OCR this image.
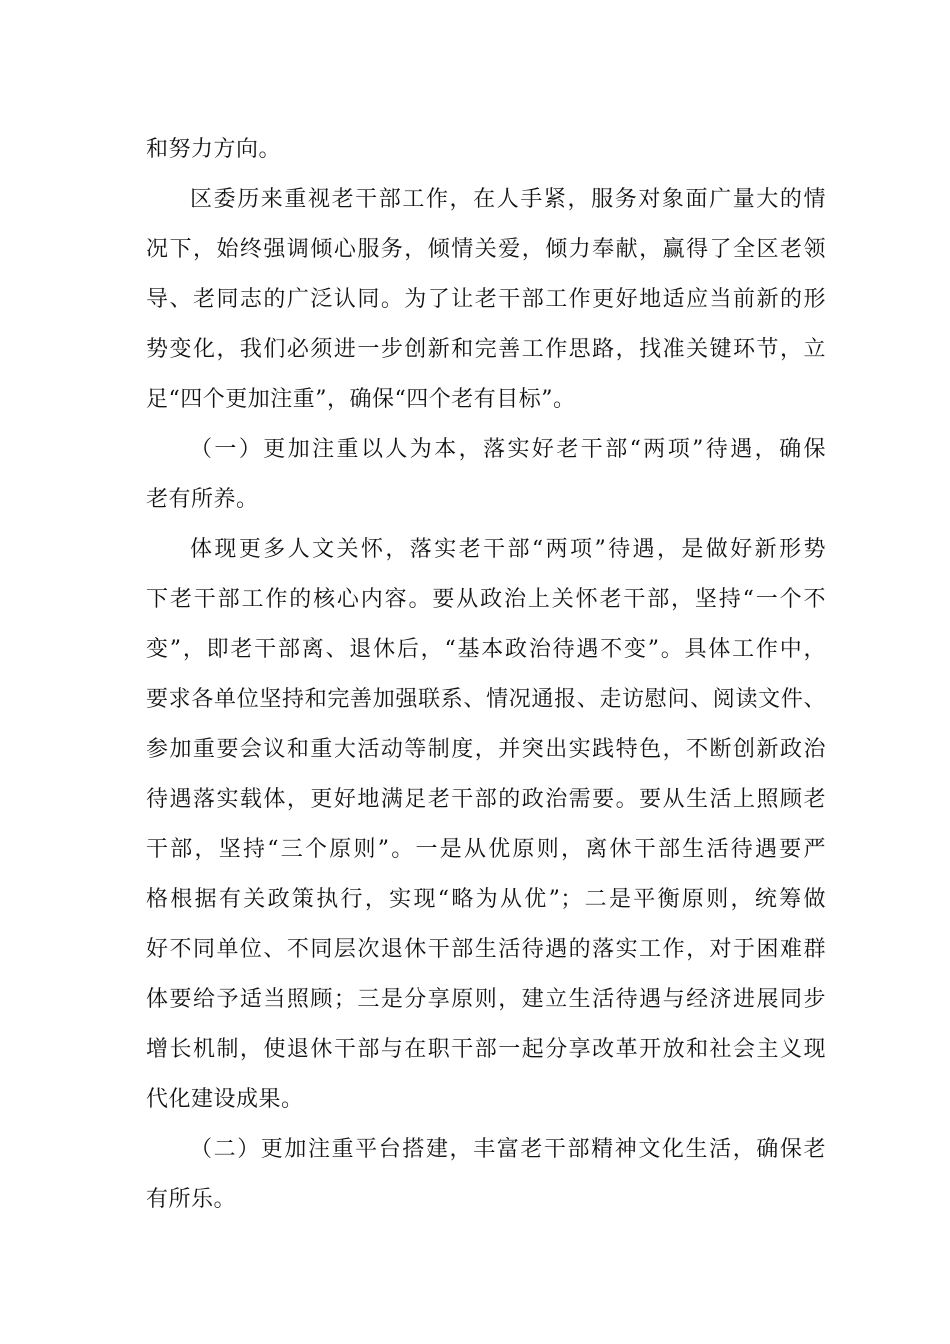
和努力方向。
区委历来重视老干部工作，在人手紧，服务对象面广量大的情
况下，始终强调倾心服务，倾情关爱，倾力奉献，赢得了全区老领
导、老同志的广泛认同。为了让老干部工作更好地适应当前新的形
势变化，我们必须进一步创新和完善工作思路，找准关键环节，立
足“四个更加注重”，确保“四个老有目标”。
（一）更加注重以人为本，落实好老干部“两项”待遇，确保
老有所养。
体现更多人文关怀，落实老干部“两项”待遇，是做好新形势
下老干部工作的核心内容。要从政治上关怀老干部，坚持“一个不
变”，即老干部离、退休后，“基本政治待遇不变”。具体工作中，
要求各单位坚持和完善加强联系、情况通报、走访慰问、阅读文件、
参加重要会议和重大活动等制度，并突出实践特色，不断创新政治
待遇落实载体，更好地满足老干部的政治需要。要从生活上照顾老
干部，坚持“三个原则”。一是从优原则，离休干部生活待遇要严
格根据有关政策执行，实现“略为从优”；二是平衡原则，统筹做
好不同单位、不同层次退休干部生活待遇的落实工作，对于困难群
体要给予适当照顾；三是分享原则，建立生活待遇与经济进展同步
增长机制，使退休干部与在职干部一起分享改革开放和社会主义现
代化建设成果。
（二）更加注重平台搭建，丰富老干部精神文化生活，确保老
有所乐。
